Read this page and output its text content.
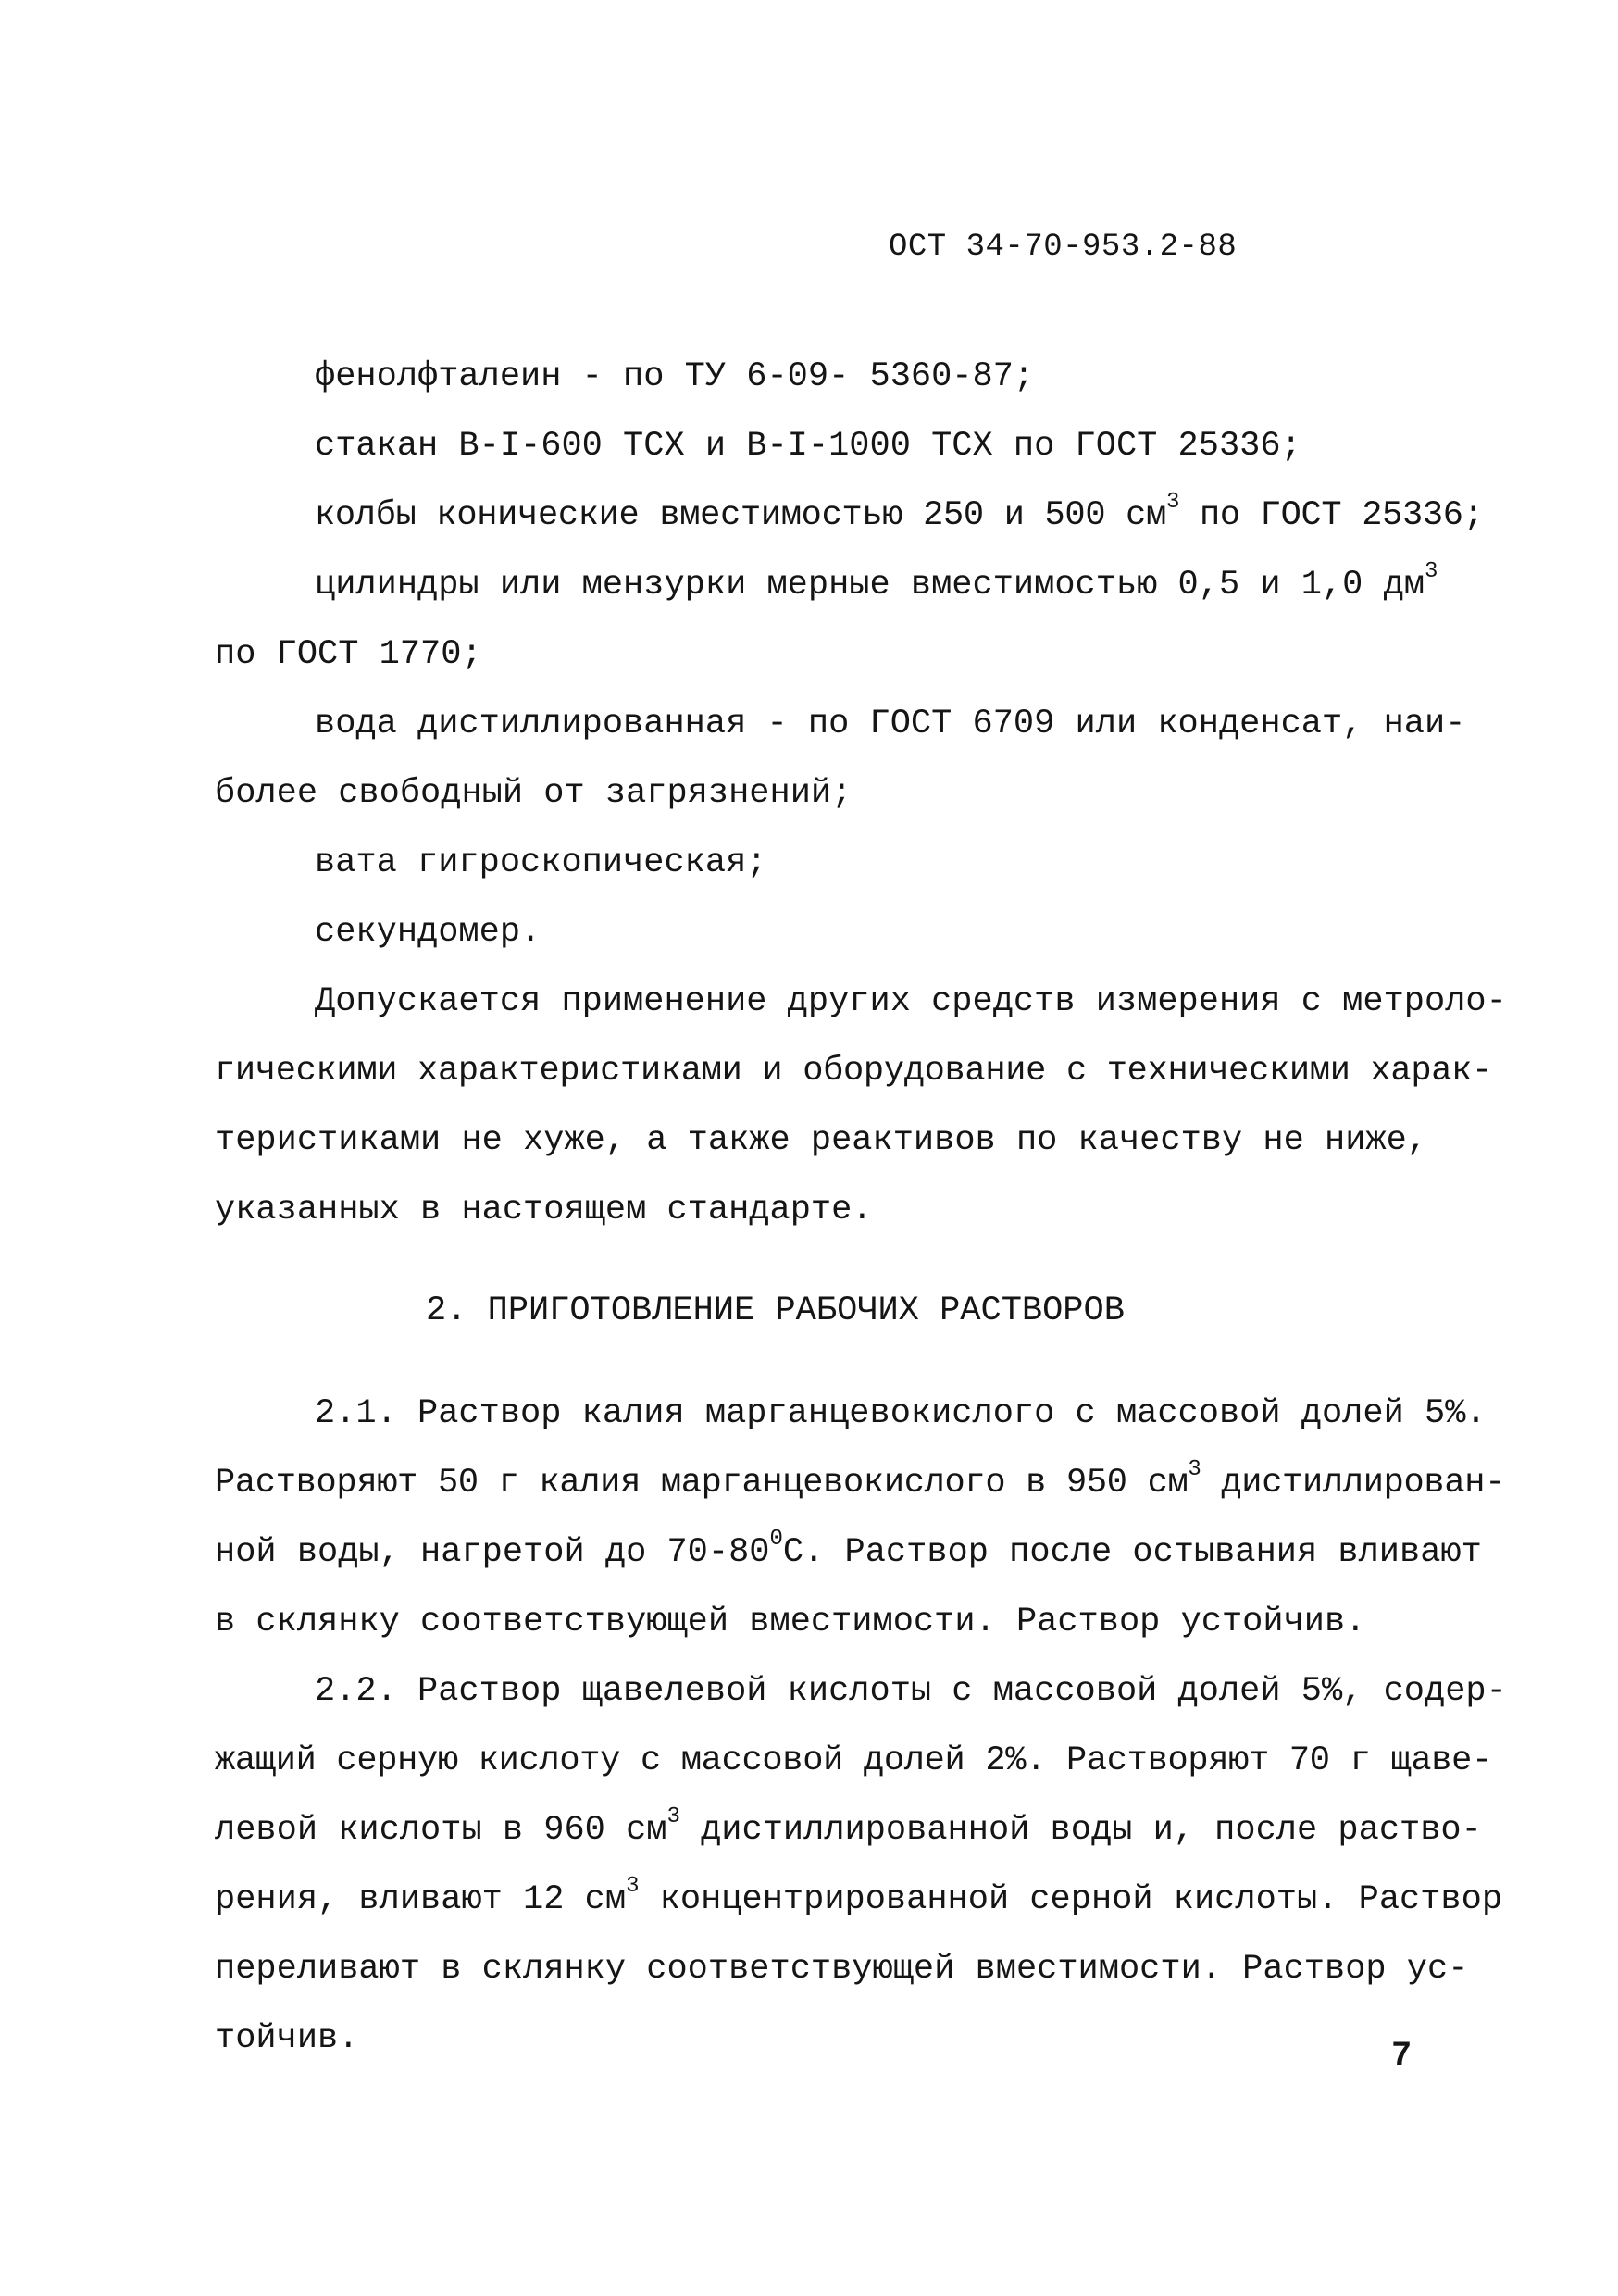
ОСТ 34-70-953.2-88
фенолфталеин - по ТУ 6-09- 5360-87;
стакан В-I-600 ТСХ и В-I-1000 ТСХ по ГОСТ 25336;
колбы конические вместимостью 250 и 500 $см^3$ по ГОСТ 25336;
цилиндры или мензурки мерные вместимостью 0,5 и 1,0 $дм^3$
по ГОСТ 1770;
вода дистиллированная - по ГОСТ 6709 или конденсат, наи-
более свободный от загрязнений;
вата гигроскопическая;
секундомер.
Допускается применение других средств измерения с метроло-
гическими характеристиками и оборудование с техническими харак-
теристиками не хуже, а также реактивов по качеству не ниже,
указанных в настоящем стандарте.
2. ПРИГОТОВЛЕНИЕ РАБОЧИХ РАСТВОРОВ
2.1. Раствор калия марганцевокислого с массовой долей 5%.
Растворяют 50 г калия марганцевокислого в 950 $см^3$ дистиллирован-
ной воды, нагретой до $70-80^0С$. Раствор после остывания вливают
в склянку соответствующей вместимости. Раствор устойчив.
2.2. Раствор щавелевой кислоты с массовой долей 5%, содер-
жащий серную кислоту с массовой долей 2%. Растворяют 70 г щаве-
левой кислоты в 960 $см^3$ дистиллированной воды и, после раство-
рения, вливают 12 $см^3$ концентрированной серной кислоты. Раствор
переливают в склянку соответствующей вместимости. Раствор ус-
тойчив.	7
